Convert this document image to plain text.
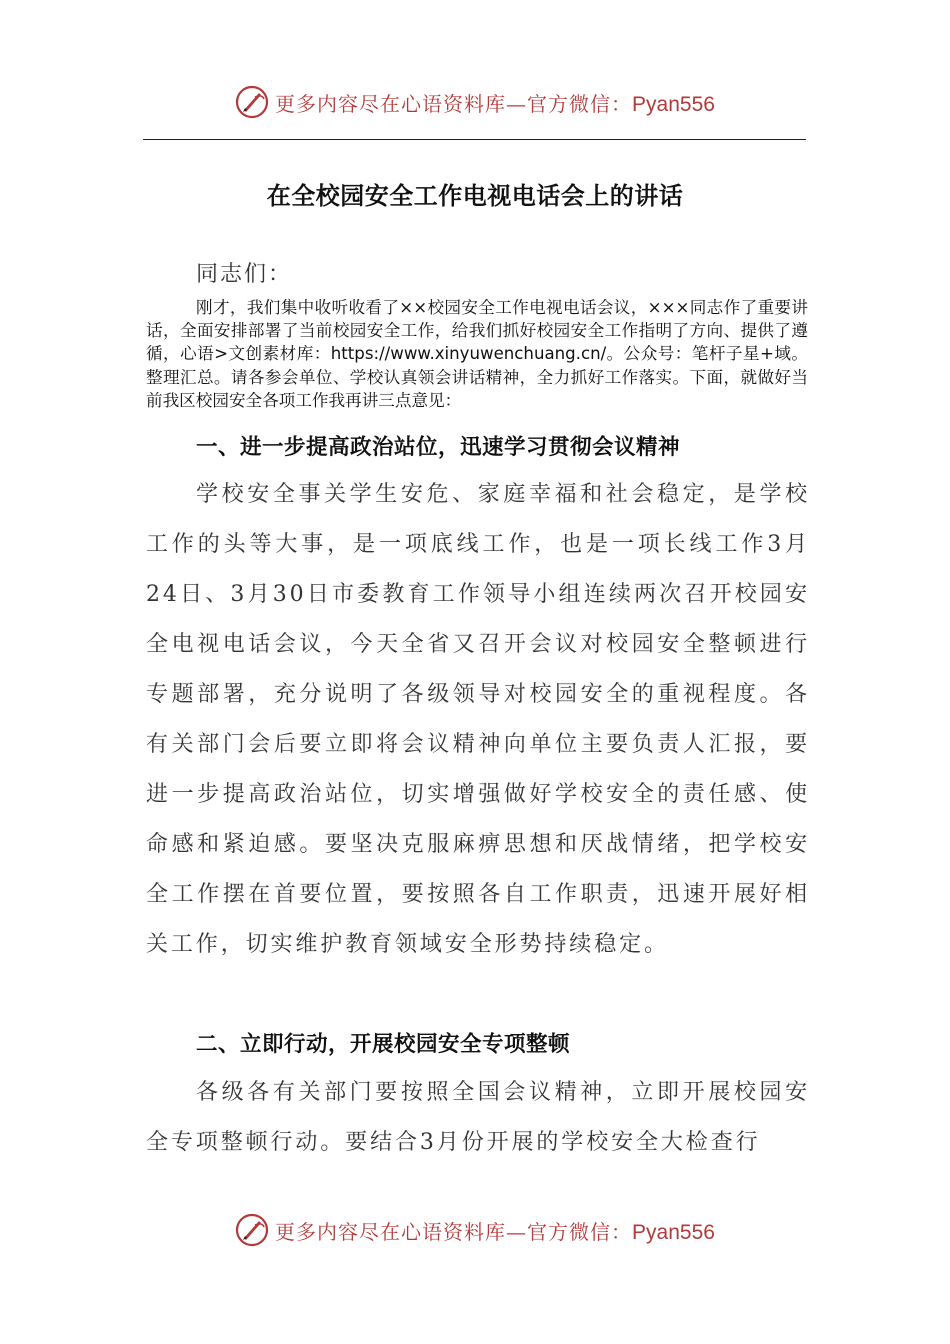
更多内容尽在心语资料库—官方微信：Pyan556
在全校园安全工作电视电话会上的讲话
同志们：

刚才，我们集中收听收看了××校园安全工作电视电话会议，×××同志作了重要讲话，全面安排部署了当前校园安全工作，给我们抓好校园安全工作指明了方向、提供了遵循，心语>文创素材库：https://www.xinyuwenchuang.cn/。公众号：笔杆子星+域。整理汇总。请各参会单位、学校认真领会讲话精神，全力抓好工作落实。下面，就做好当前我区校园安全各项工作我再讲三点意见：

一、进一步提高政治站位，迅速学习贯彻会议精神

学校安全事关学生安危、家庭幸福和社会稳定，是学校工作的头等大事，是一项底线工作，也是一项长线工作3月24日、3月30日市委教育工作领导小组连续两次召开校园安全电视电话会议，今天全省又召开会议对校园安全整顿进行专题部署，充分说明了各级领导对校园安全的重视程度。各有关部门会后要立即将会议精神向单位主要负责人汇报，要进一步提高政治站位，切实增强做好学校安全的责任感、使命感和紧迫感。要坚决克服麻痹思想和厌战情绪，把学校安全工作摆在首要位置，要按照各自工作职责，迅速开展好相关工作，切实维护教育领域安全形势持续稳定。

二、立即行动，开展校园安全专项整顿

各级各有关部门要按照全国会议精神，立即开展校园安全专项整顿行动。要结合3月份开展的学校安全大检查行

更多内容尽在心语资料库—官方微信：Pyan556
